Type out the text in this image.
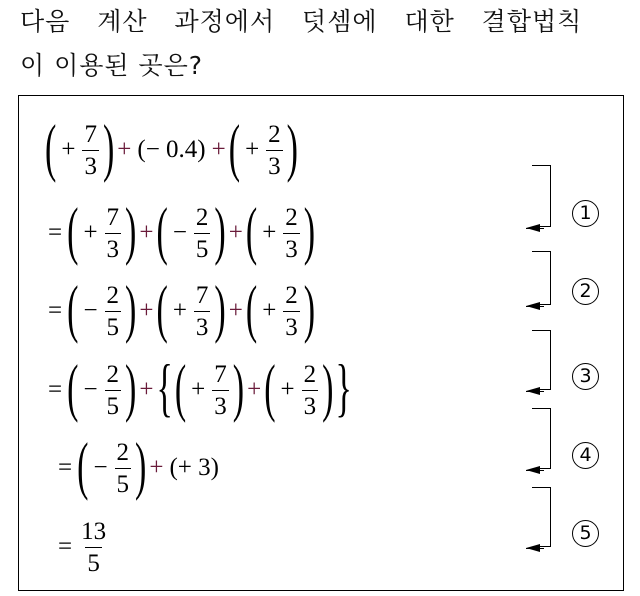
다음 계산 과정에서 덧셈에 대한 결합법칙
이 이용된 곳은?
( + $\frac{7}{3}$ ) + (− 0.4) + ( + $\frac{2}{3}$ )
= ( + $\frac{7}{3}$ ) + ( − $\frac{2}{5}$ ) + ( + $\frac{2}{3}$ )
= ( − $\frac{2}{5}$ ) + ( + $\frac{7}{3}$ ) + ( + $\frac{2}{3}$ )
= ( − $\frac{2}{5}$ ) + { ( + $\frac{7}{3}$ ) + ( + $\frac{2}{3}$ ) }
= ( − $\frac{2}{5}$ ) + (+ 3)
= $\frac{13}{5}$
1
2
3
4
5
